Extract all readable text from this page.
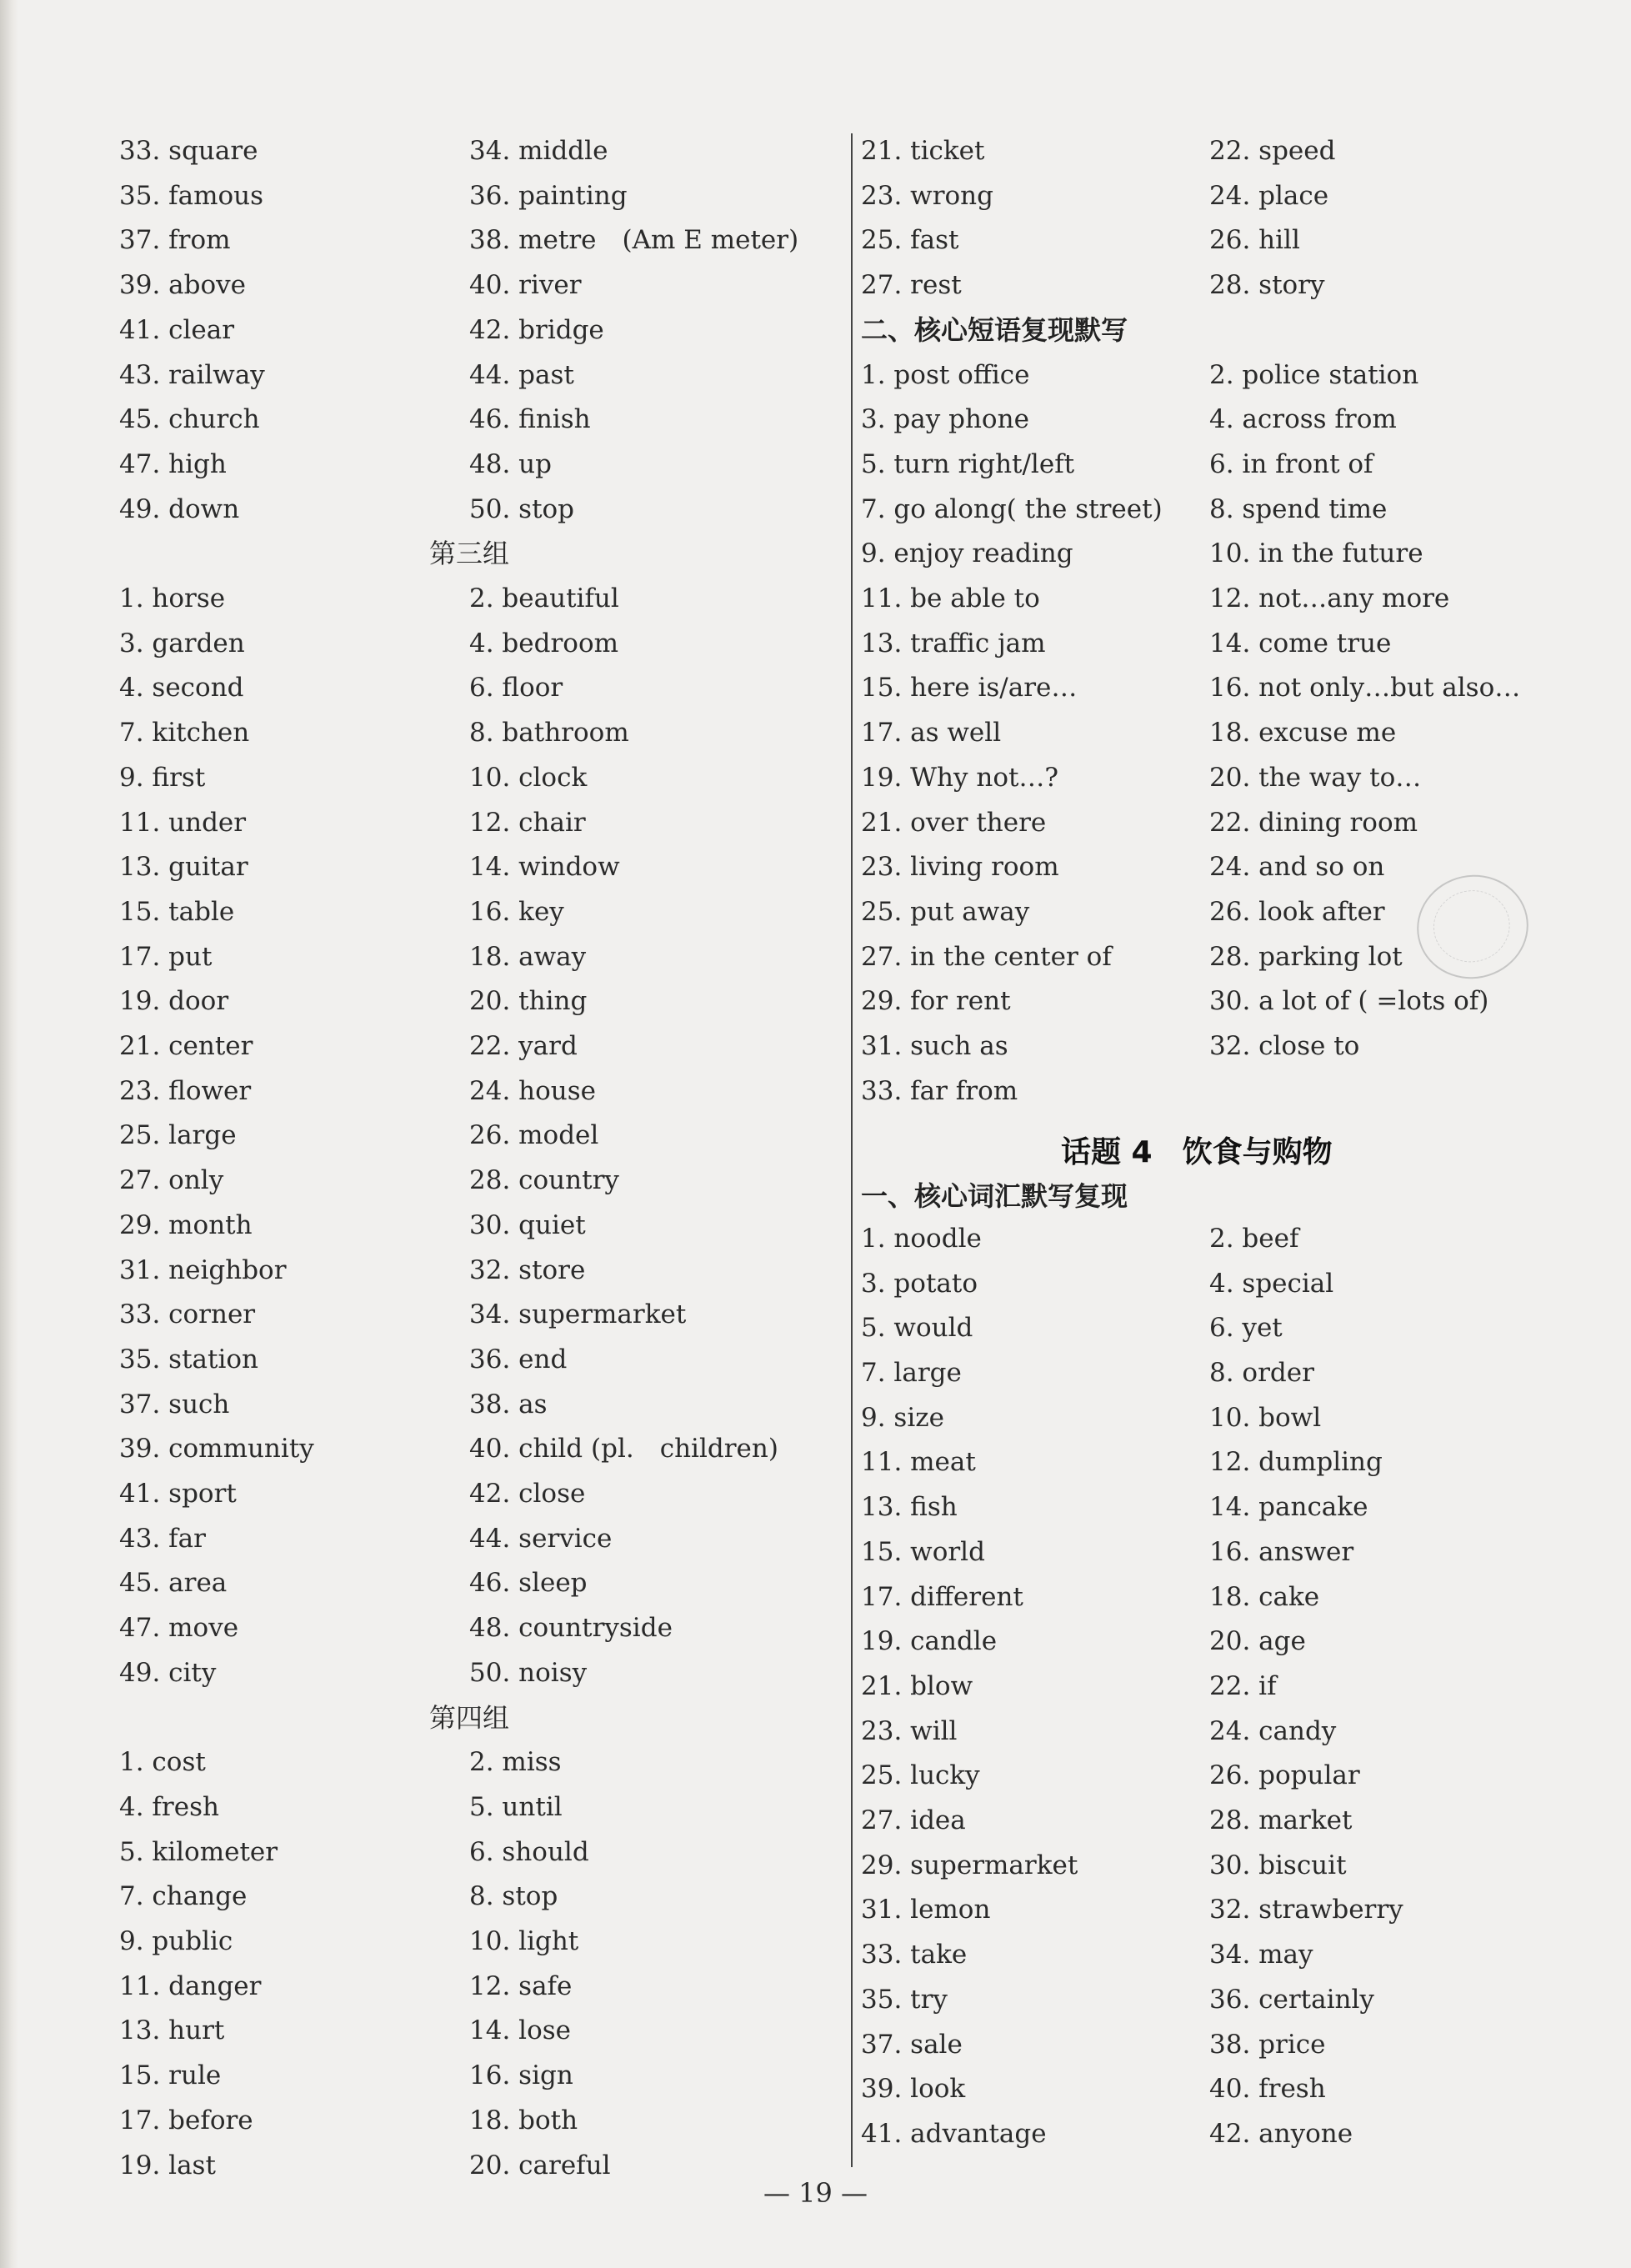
33. square	34. middle
35. famous	36. painting
37. from	38. metre　(Am E meter)
39. above	40. river
41. clear	42. bridge
43. railway	44. past
45. church	46. finish
47. high	48. up
49. down	50. stop
第三组
1. horse	2. beautiful
3. garden	4. bedroom
4. second	6. floor
7. kitchen	8. bathroom
9. first	10. clock
11. under	12. chair
13. guitar	14. window
15. table	16. key
17. put	18. away
19. door	20. thing
21. center	22. yard
23. flower	24. house
25. large	26. model
27. only	28. country
29. month	30. quiet
31. neighbor	32. store
33. corner	34. supermarket
35. station	36. end
37. such	38. as
39. community	40. child (pl.　children)
41. sport	42. close
43. far	44. service
45. area	46. sleep
47. move	48. countryside
49. city	50. noisy
第四组
1. cost	2. miss
4. fresh	5. until
5. kilometer	6. should
7. change	8. stop
9. public	10. light
11. danger	12. safe
13. hurt	14. lose
15. rule	16. sign
17. before	18. both
19. last	20. careful
21. ticket	22. speed
23. wrong	24. place
25. fast	26. hill
27. rest	28. story
二、核心短语复现默写
1. post office	2. police station
3. pay phone	4. across from
5. turn right/left	6. in front of
7. go along( the street) 8. spend time
9. enjoy reading	10. in the future
11. be able to	12. not…any more
13. traffic jam	14. come true
15. here is/are…	16. not only…but also…
17. as well	18. excuse me
19. Why not…?	20. the way to…
21. over there	22. dining room
23. living room	24. and so on
25. put away	26. look after
27. in the center of	28. parking lot
29. for rent	30. a lot of ( =lots of)
31. such as	32. close to
33. far from
话题 4 饮食与购物
一、核心词汇默写复现
1. noodle	2. beef
3. potato	4. special
5. would	6. yet
7. large	8. order
9. size	10. bowl
11. meat	12. dumpling
13. fish	14. pancake
15. world	16. answer
17. different	18. cake
19. candle	20. age
21. blow	22. if
23. will	24. candy
25. lucky	26. popular
27. idea	28. market
29. supermarket	30. biscuit
31. lemon	32. strawberry
33. take	34. may
35. try	36. certainly
37. sale	38. price
39. look	40. fresh
41. advantage	42. anyone
— 19 —
